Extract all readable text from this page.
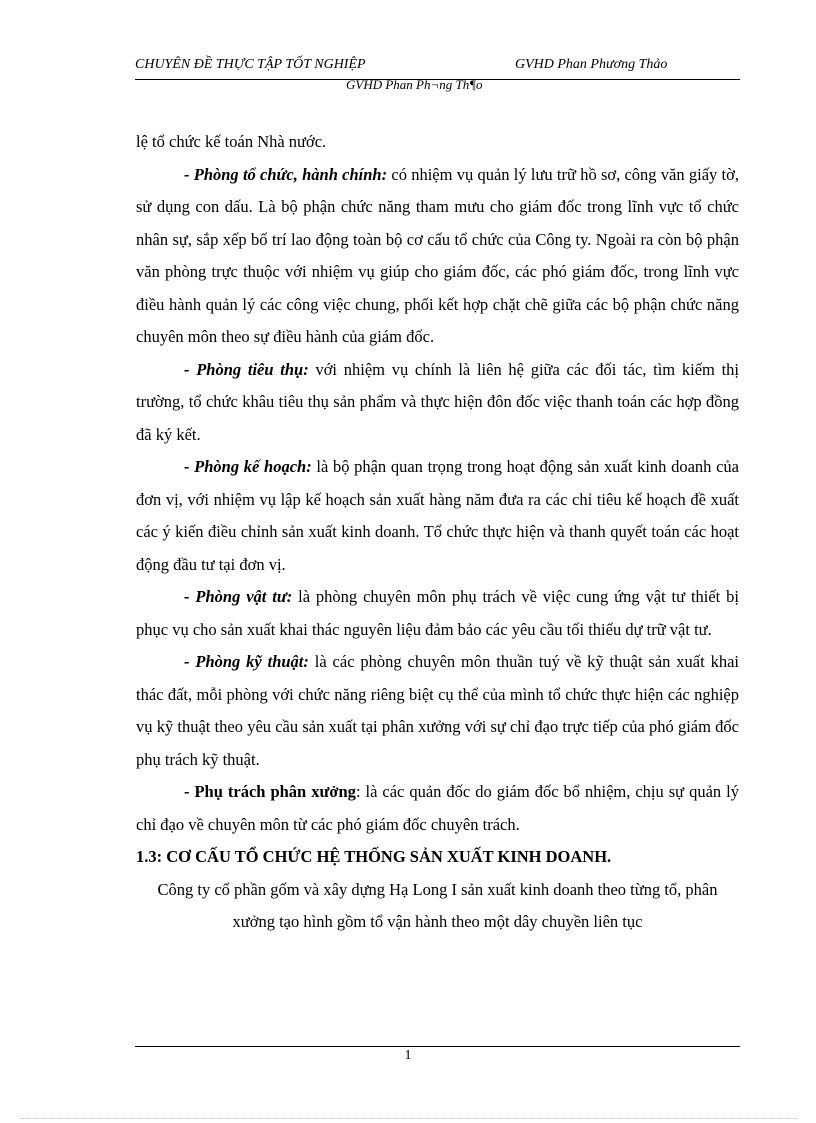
CHUYÊN ĐỀ THỰC TẬP TỐT NGHIỆP	GVHD Phan Phương Thảo
GVHD Phan Ph¬ng Th¶o

lệ tổ chức kế toán Nhà nước.

- Phòng tổ chức, hành chính: có nhiệm vụ quản lý lưu trữ hồ sơ, công văn giấy tờ, sử dụng con dấu. Là bộ phận chức năng tham mưu cho giám đốc trong lĩnh vực tổ chức nhân sự, sắp xếp bố trí lao động toàn bộ cơ cấu tổ chức của Công ty. Ngoài ra còn bộ phận văn phòng trực thuộc với nhiệm vụ giúp cho giám đốc, các phó giám đốc, trong lĩnh vực điều hành quản lý các công việc chung, phối kết hợp chặt chẽ giữa các bộ phận chức năng chuyên môn theo sự điều hành của giám đốc.

- Phòng tiêu thụ: với nhiệm vụ chính là liên hệ giữa các đối tác, tìm kiếm thị trường, tổ chức khâu tiêu thụ sản phẩm và thực hiện đôn đốc việc thanh toán các hợp đồng đã ký kết.

- Phòng kế hoạch: là bộ phận quan trọng trong hoạt động sản xuất kinh doanh của đơn vị, với nhiệm vụ lập kế hoạch sản xuất hàng năm đưa ra các chỉ tiêu kế hoạch đề xuất các ý kiến điều chỉnh sản xuất kinh doanh. Tổ chức thực hiện và thanh quyết toán các hoạt động đầu tư tại đơn vị.

- Phòng vật tư: là phòng chuyên môn phụ trách về việc cung ứng vật tư thiết bị phục vụ cho sản xuất khai thác nguyên liệu đảm bảo các yêu cầu tối thiểu dự trữ vật tư.

- Phòng kỹ thuật: là các phòng chuyên môn thuần tuý về kỹ thuật sản xuất khai thác đất, mỗi phòng với chức năng riêng biệt cụ thể của mình tổ chức thực hiện các nghiệp vụ kỹ thuật theo yêu cầu sản xuất tại phân xưởng với sự chỉ đạo trực tiếp của phó giám đốc phụ trách kỹ thuật.

- Phụ trách phân xưởng: là các quản đốc do giám đốc bổ nhiệm, chịu sự quản lý chỉ đạo về chuyên môn từ các phó giám đốc chuyên trách.

1.3: CƠ CẤU TỔ CHỨC HỆ THỐNG SẢN XUẤT KINH DOANH.

Công ty cổ phần gốm và xây dựng Hạ Long I sản xuất kinh doanh theo từng tổ, phân xưởng tạo hình gồm tổ vận hành theo một dây chuyền liên tục

1
